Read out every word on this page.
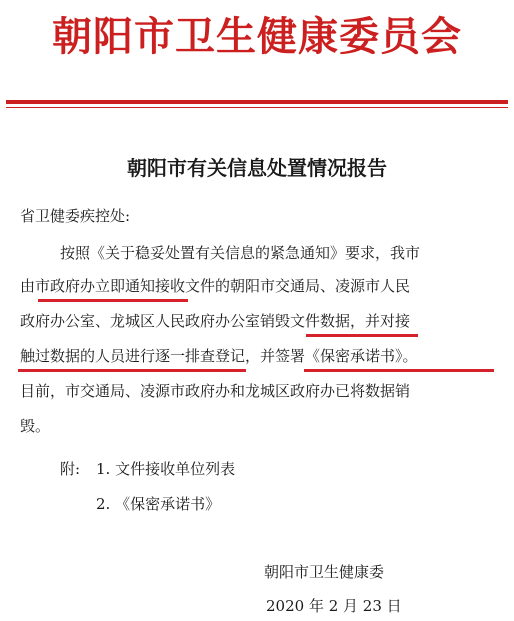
朝阳市卫生健康委员会
朝阳市有关信息处置情况报告
省卫健委疾控处:
按照《关于稳妥处置有关信息的紧急通知》要求，我市
由市政府办立即通知接收文件的朝阳市交通局、凌源市人民
政府办公室、龙城区人民政府办公室销毁文件数据，并对接
触过数据的人员进行逐一排查登记，并签署《保密承诺书》。
目前，市交通局、凌源市政府办和龙城区政府办已将数据销
毁。
附: 1. 文件接收单位列表
2. 《保密承诺书》
朝阳市卫生健康委
2020 年 2 月 23 日
